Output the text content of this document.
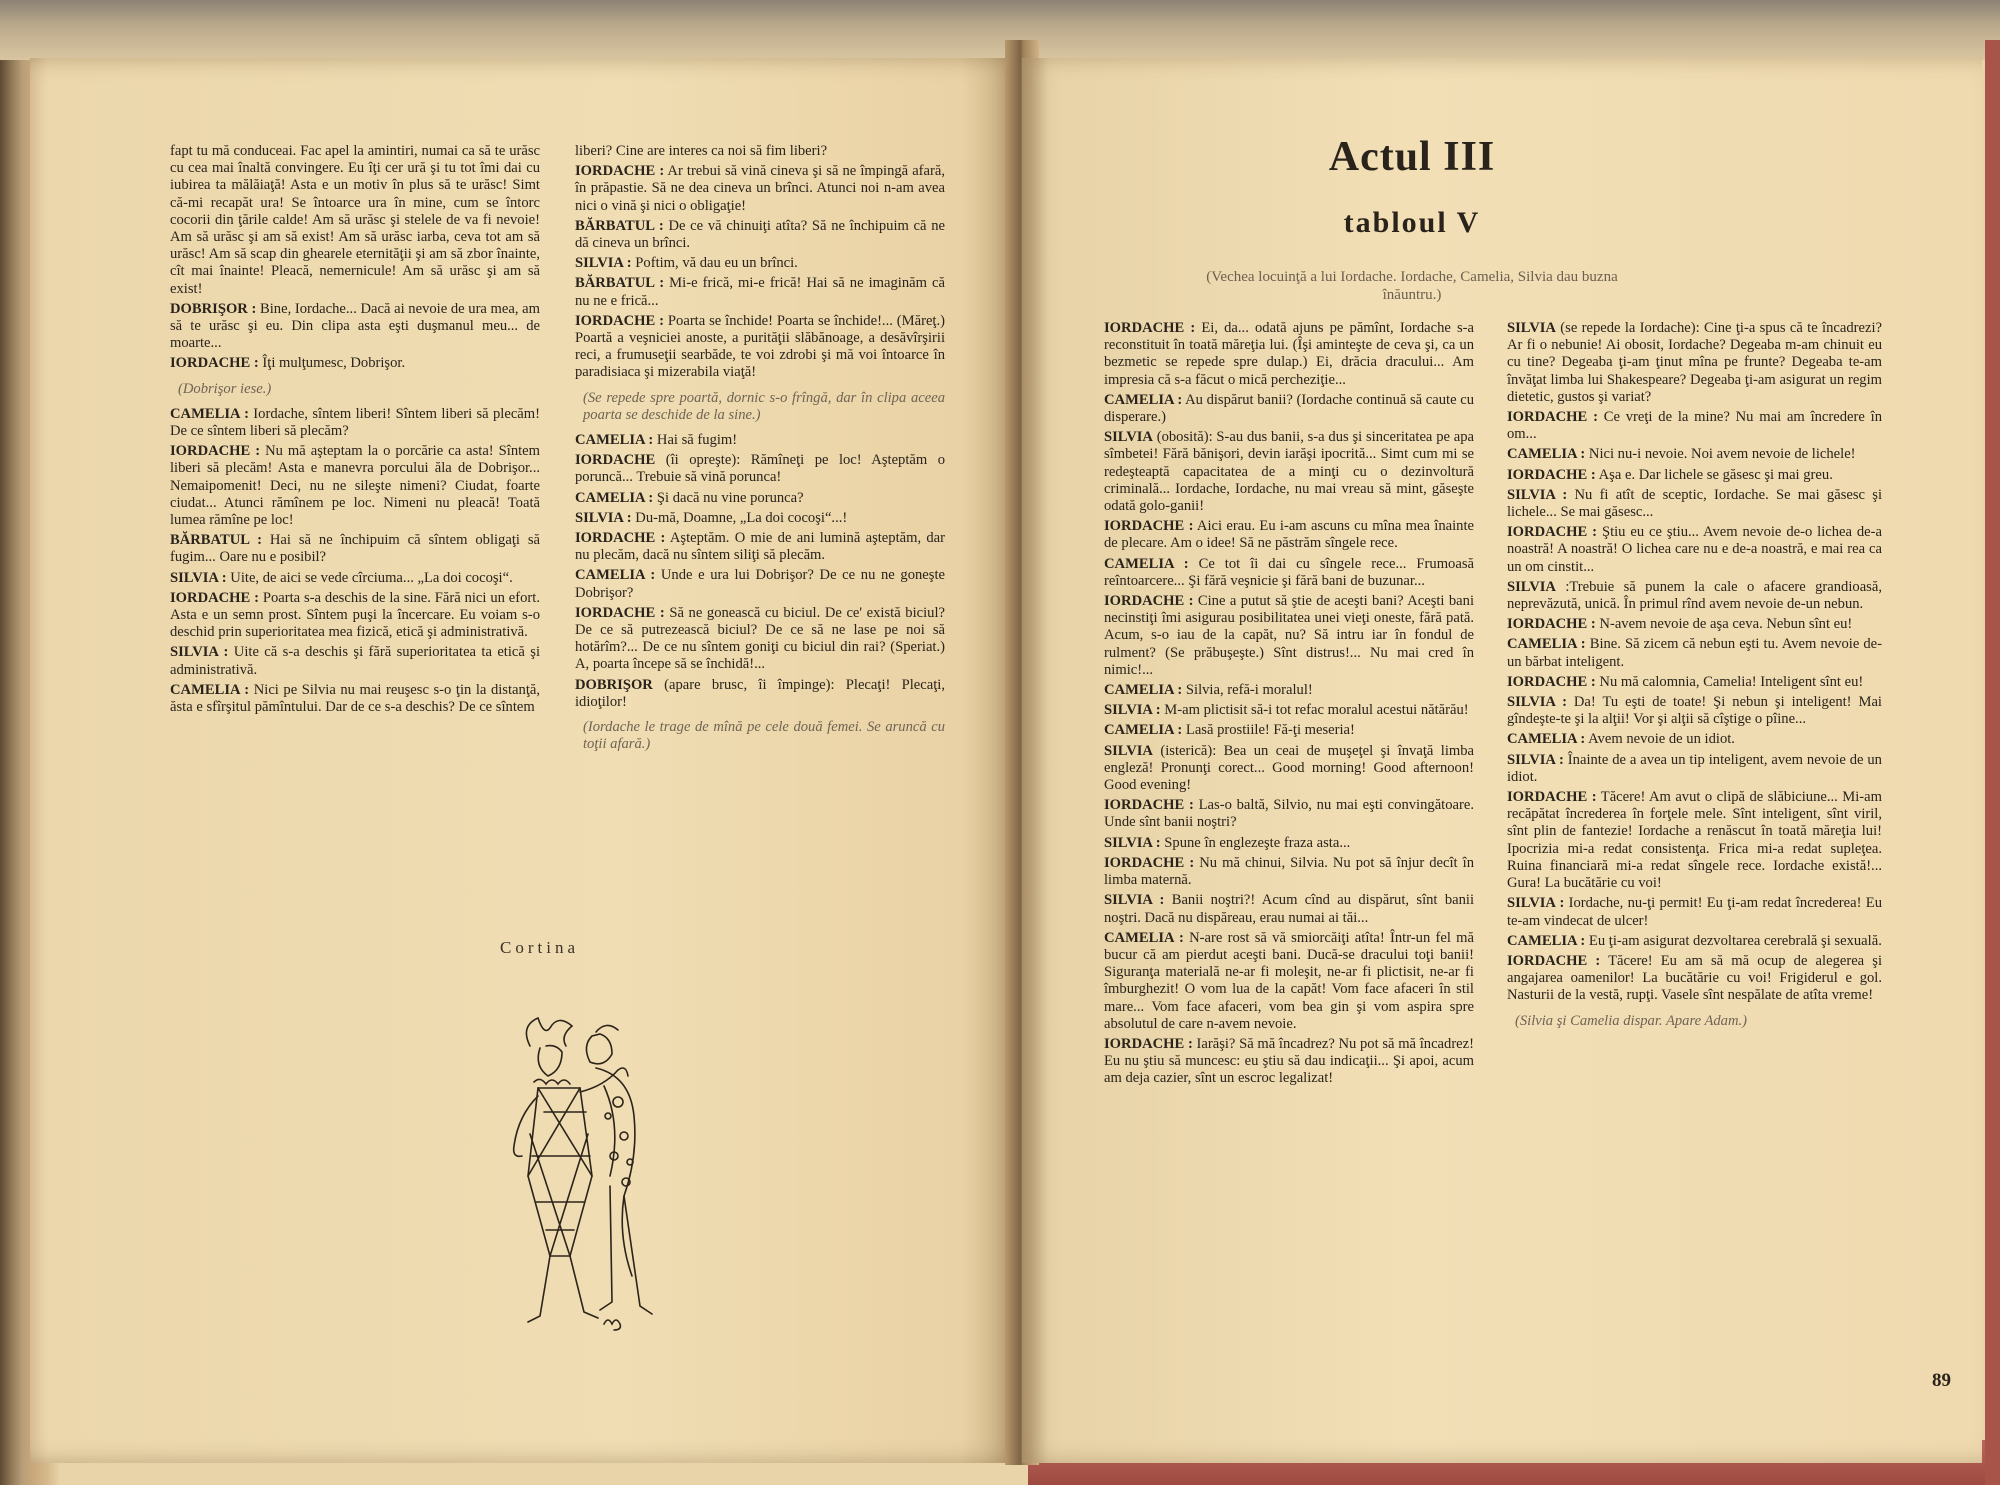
fapt tu mă conduceai. Fac apel la amintiri, numai ca să te urăsc cu cea mai înaltă convingere. Eu îţi cer ură şi tu tot îmi dai cu iubirea ta mălăiaţă! Asta e un motiv în plus să te urăsc! Simt că-mi recapăt ura! Se întoarce ura în mine, cum se întorc cocorii din ţările calde! Am să urăsc şi stelele de va fi nevoie! Am să urăsc şi am să exist! Am să urăsc iarba, ceva tot am să urăsc! Am să scap din ghearele eternităţii şi am să zbor înainte, cît mai înainte! Pleacă, nemernicule! Am să urăsc şi am să exist!

DOBRIŞOR : Bine, Iordache... Dacă ai nevoie de ura mea, am să te urăsc şi eu. Din clipa asta eşti duşmanul meu... de moarte...

IORDACHE : Îţi mulţumesc, Dobrişor.

(Dobrişor iese.)

CAMELIA : Iordache, sîntem liberi! Sîntem liberi să plecăm! De ce sîntem liberi să plecăm?

IORDACHE : Nu mă aşteptam la o porcărie ca asta! Sîntem liberi să plecăm! Asta e manevra porcului ăla de Dobrişor... Nemaipomenit! Deci, nu ne sileşte nimeni? Ciudat, foarte ciudat... Atunci rămînem pe loc. Nimeni nu pleacă! Toată lumea rămîne pe loc!

BĂRBATUL : Hai să ne închipuim că sîntem obligaţi să fugim... Oare nu e posibil?

SILVIA : Uite, de aici se vede cîrciuma... „La doi cocoşi“.

IORDACHE : Poarta s-a deschis de la sine. Fără nici un efort. Asta e un semn prost. Sîntem puşi la încercare. Eu voiam s-o deschid prin superioritatea mea fizică, etică şi administrativă.

SILVIA : Uite că s-a deschis şi fără superioritatea ta etică şi administrativă.

CAMELIA : Nici pe Silvia nu mai reuşesc s-o ţin la distanţă, ăsta e sfîrşitul pămîntului. Dar de ce s-a deschis? De ce sîntem

liberi? Cine are interes ca noi să fim liberi?

IORDACHE : Ar trebui să vină cineva şi să ne împingă afară, în prăpastie. Să ne dea cineva un brînci. Atunci noi n-am avea nici o vină şi nici o obligaţie!

BĂRBATUL : De ce vă chinuiţi atîta? Să ne închipuim că ne dă cineva un brînci.

SILVIA : Poftim, vă dau eu un brînci.

BĂRBATUL : Mi-e frică, mi-e frică! Hai să ne imaginăm că nu ne e frică...

IORDACHE : Poarta se închide! Poarta se închide!... (Măreţ.) Poartă a veşniciei anoste, a purităţii slăbănoage, a desăvîrşirii reci, a frumuseţii searbăde, te voi zdrobi şi mă voi întoarce în paradisiaca şi mizerabila viaţă!

(Se repede spre poartă, dornic s-o frîngă, dar în clipa aceea poarta se deschide de la sine.)

CAMELIA : Hai să fugim!

IORDACHE (îi opreşte): Rămîneţi pe loc! Aşteptăm o poruncă... Trebuie să vină porunca!

CAMELIA : Şi dacă nu vine porunca?

SILVIA : Du-mă, Doamne, „La doi cocoşi“...!

IORDACHE : Aşteptăm. O mie de ani lumină aşteptăm, dar nu plecăm, dacă nu sîntem siliţi să plecăm.

CAMELIA : Unde e ura lui Dobrişor? De ce nu ne goneşte Dobrişor?

IORDACHE : Să ne gonească cu biciul. De ce' există biciul? De ce să putrezească biciul? De ce să ne lase pe noi să hotărîm?... De ce nu sîntem goniţi cu biciul din rai? (Speriat.) A, poarta începe să se închidă!...

DOBRIŞOR (apare brusc, îi împinge): Plecaţi! Plecaţi, idioţilor!

(Iordache le trage de mînă pe cele două femei. Se aruncă cu toţii afară.)

Cortina
Actul III
tabloul V
(Vechea locuinţă a lui Iordache. Iordache, Camelia, Silvia dau buzna înăuntru.)

IORDACHE : Ei, da... odată ajuns pe pămînt, Iordache s-a reconstituit în toată măreţia lui. (Îşi aminteşte de ceva şi, ca un bezmetic se repede spre dulap.) Ei, drăcia dracului... Am impresia că s-a făcut o mică percheziţie...

CAMELIA : Au dispărut banii? (Iordache continuă să caute cu disperare.)

SILVIA (obosită): S-au dus banii, s-a dus şi sinceritatea pe apa sîmbetei! Fără bănişori, devin iarăşi ipocrită... Simt cum mi se redeşteaptă capacitatea de a minţi cu o dezinvoltură criminală... Iordache, Iordache, nu mai vreau să mint, găseşte odată golo-ganii!

IORDACHE : Aici erau. Eu i-am ascuns cu mîna mea înainte de plecare. Am o idee! Să ne păstrăm sîngele rece.

CAMELIA : Ce tot îi dai cu sîngele rece... Frumoasă reîntoarcere... Şi fără veşnicie şi fără bani de buzunar...

IORDACHE : Cine a putut să ştie de aceşti bani? Aceşti bani necinstiţi îmi asigurau posibilitatea unei vieţi oneste, fără pată. Acum, s-o iau de la capăt, nu? Să intru iar în fondul de rulment? (Se prăbuşeşte.) Sînt distrus!... Nu mai cred în nimic!...

CAMELIA : Silvia, refă-i moralul!

SILVIA : M-am plictisit să-i tot refac moralul acestui nătărău!

CAMELIA : Lasă prostiile! Fă-ţi meseria!

SILVIA (isterică): Bea un ceai de muşeţel şi învaţă limba engleză! Pronunţi corect... Good morning! Good afternoon! Good evening!

IORDACHE : Las-o baltă, Silvio, nu mai eşti convingătoare. Unde sînt banii noştri?

SILVIA : Spune în englezeşte fraza asta...

IORDACHE : Nu mă chinui, Silvia. Nu pot să înjur decît în limba maternă.

SILVIA : Banii noştri?! Acum cînd au dispărut, sînt banii noştri. Dacă nu dispăreau, erau numai ai tăi...

CAMELIA : N-are rost să vă smiorcăiţi atîta! Într-un fel mă bucur că am pierdut aceşti bani. Ducă-se dracului toţi banii! Siguranţa materială ne-ar fi moleşit, ne-ar fi plictisit, ne-ar fi îmburghezit! O vom lua de la capăt! Vom face afaceri în stil mare... Vom face afaceri, vom bea gin şi vom aspira spre absolutul de care n-avem nevoie.

IORDACHE : Iarăşi? Să mă încadrez? Nu pot să mă încadrez! Eu nu ştiu să muncesc: eu ştiu să dau indicaţii... Şi apoi, acum am deja cazier, sînt un escroc legalizat!

SILVIA (se repede la Iordache): Cine ţi-a spus că te încadrezi? Ar fi o nebunie! Ai obosit, Iordache? Degeaba m-am chinuit eu cu tine? Degeaba ţi-am ţinut mîna pe frunte? Degeaba te-am învăţat limba lui Shakespeare? Degeaba ţi-am asigurat un regim dietetic, gustos şi variat?

IORDACHE : Ce vreţi de la mine? Nu mai am încredere în om...

CAMELIA : Nici nu-i nevoie. Noi avem nevoie de lichele!

IORDACHE : Aşa e. Dar lichele se găsesc şi mai greu.

SILVIA : Nu fi atît de sceptic, Iordache. Se mai găsesc şi lichele... Se mai găsesc...

IORDACHE : Ştiu eu ce ştiu... Avem nevoie de-o lichea de-a noastră! A noastră! O lichea care nu e de-a noastră, e mai rea ca un om cinstit...

SILVIA :Trebuie să punem la cale o afacere grandioasă, neprevăzută, unică. În primul rînd avem nevoie de-un nebun.

IORDACHE : N-avem nevoie de aşa ceva. Nebun sînt eu!

CAMELIA : Bine. Să zicem că nebun eşti tu. Avem nevoie de-un bărbat inteligent.

IORDACHE : Nu mă calomnia, Camelia! Inteligent sînt eu!

SILVIA : Da! Tu eşti de toate! Şi nebun şi inteligent! Mai gîndeşte-te şi la alţii! Vor şi alţii să cîştige o pîine...

CAMELIA : Avem nevoie de un idiot.

SILVIA : Înainte de a avea un tip inteligent, avem nevoie de un idiot.

IORDACHE : Tăcere! Am avut o clipă de slăbiciune... Mi-am recăpătat încrederea în forţele mele. Sînt inteligent, sînt viril, sînt plin de fantezie! Iordache a renăscut în toată măreţia lui! Ipocrizia mi-a redat consistenţa. Frica mi-a redat supleţea. Ruina financiară mi-a redat sîngele rece. Iordache există!... Gura! La bucătărie cu voi!

SILVIA : Iordache, nu-ţi permit! Eu ţi-am redat încrederea! Eu te-am vindecat de ulcer!

CAMELIA : Eu ţi-am asigurat dezvoltarea cerebrală şi sexuală.

IORDACHE : Tăcere! Eu am să mă ocup de alegerea şi angajarea oamenilor! La bucătărie cu voi! Frigiderul e gol. Nasturii de la vestă, rupţi. Vasele sînt nespălate de atîta vreme!

(Silvia şi Camelia dispar. Apare Adam.)

89
